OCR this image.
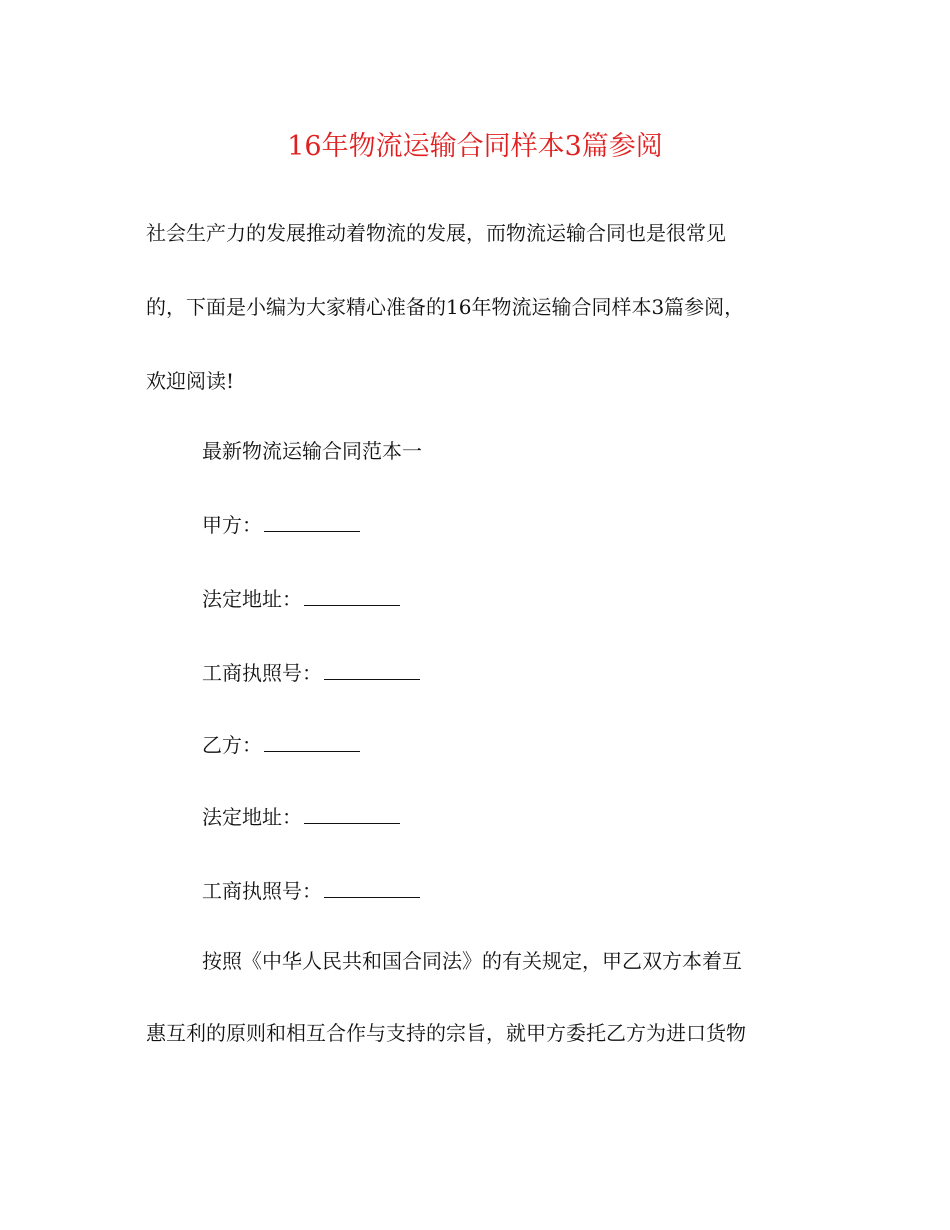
16年物流运输合同样本3篇参阅

社会生产力的发展推动着物流的发展，而物流运输合同也是很常见

的，下面是小编为大家精心准备的16年物流运输合同样本3篇参阅，

欢迎阅读!

最新物流运输合同范本一

甲方：

法定地址：

工商执照号：

乙方：

法定地址：

工商执照号：

按照《中华人民共和国合同法》的有关规定，甲乙双方本着互

惠互利的原则和相互合作与支持的宗旨，就甲方委托乙方为进口货物
